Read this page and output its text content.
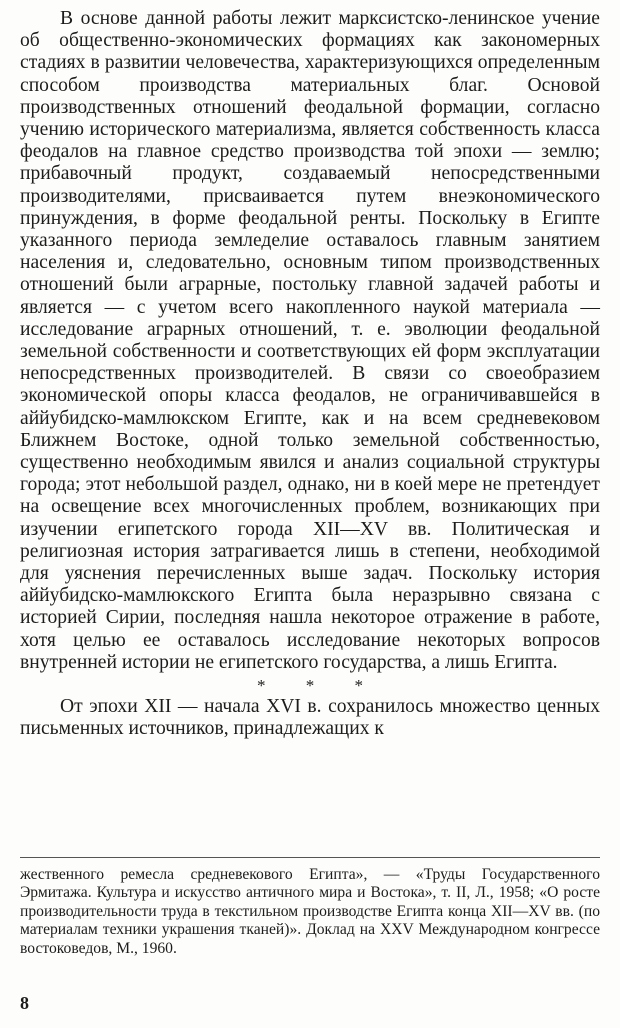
В основе данной работы лежит марксистско-ленинское учение об общественно-экономических формациях как закономерных стадиях в развитии человечества, характеризующихся определенным способом производства материальных благ. Основой производственных отношений феодальной формации, согласно учению исторического материализма, является собственность класса феодалов на главное средство производства той эпохи — землю; прибавочный продукт, создаваемый непосредственными производителями, присваивается путем внеэкономического принуждения, в форме феодальной ренты. Поскольку в Египте указанного периода земледелие оставалось главным занятием населения и, следовательно, основным типом производственных отношений были аграрные, постольку главной задачей работы и является — с учетом всего накопленного наукой материала — исследование аграрных отношений, т. е. эволюции феодальной земельной собственности и соответствующих ей форм эксплуатации непосредственных производителей. В связи со своеобразием экономической опоры класса феодалов, не ограничивавшейся в аййубидско-мамлюкском Египте, как и на всем средневековом Ближнем Востоке, одной только земельной собственностью, существенно необходимым явился и анализ социальной структуры города; этот небольшой раздел, однако, ни в коей мере не претендует на освещение всех многочисленных проблем, возникающих при изучении египетского города XII—XV вв. Политическая и религиозная история затрагивается лишь в степени, необходимой для уяснения перечисленных выше задач. Поскольку история аййубидско-мамлюкского Египта была неразрывно связана с историей Сирии, последняя нашла некоторое отражение в работе, хотя целью ее оставалось исследование некоторых вопросов внутренней истории не египетского государства, а лишь Египта.

* * *

От эпохи XII — начала XVI в. сохранилось множество ценных письменных источников, принадлежащих к

жественного ремесла средневекового Египта», — «Труды Государственного Эрмитажа. Культура и искусство античного мира и Востока», т. II, Л., 1958; «О росте производительности труда в текстильном производстве Египта конца XII—XV вв. (по материалам техники украшения тканей)». Доклад на XXV Международном конгрессе востоковедов, М., 1960.

8
